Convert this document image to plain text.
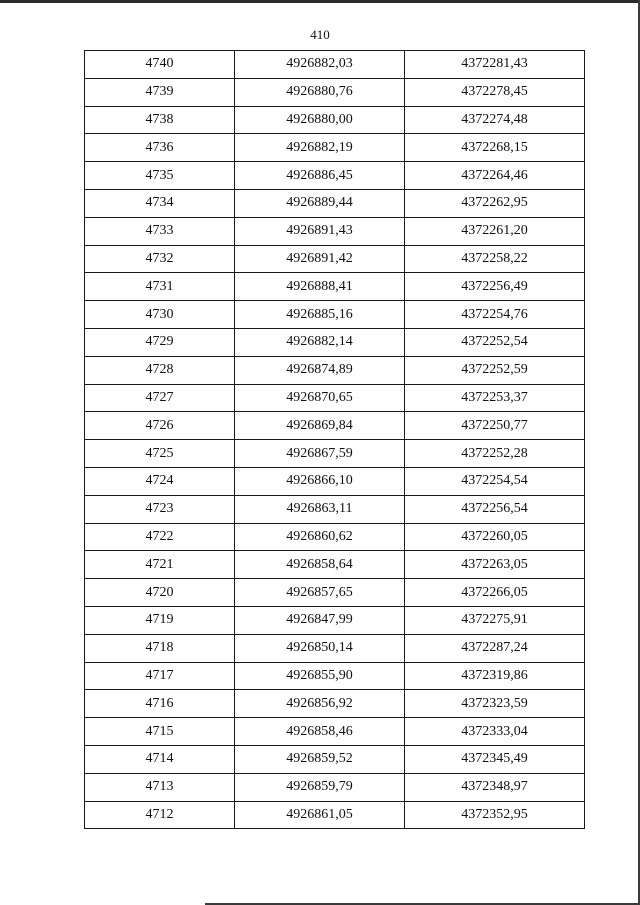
410
4740	4926882,03	4372281,43
4739	4926880,76	4372278,45
4738	4926880,00	4372274,48
4736	4926882,19	4372268,15
4735	4926886,45	4372264,46
4734	4926889,44	4372262,95
4733	4926891,43	4372261,20
4732	4926891,42	4372258,22
4731	4926888,41	4372256,49
4730	4926885,16	4372254,76
4729	4926882,14	4372252,54
4728	4926874,89	4372252,59
4727	4926870,65	4372253,37
4726	4926869,84	4372250,77
4725	4926867,59	4372252,28
4724	4926866,10	4372254,54
4723	4926863,11	4372256,54
4722	4926860,62	4372260,05
4721	4926858,64	4372263,05
4720	4926857,65	4372266,05
4719	4926847,99	4372275,91
4718	4926850,14	4372287,24
4717	4926855,90	4372319,86
4716	4926856,92	4372323,59
4715	4926858,46	4372333,04
4714	4926859,52	4372345,49
4713	4926859,79	4372348,97
4712	4926861,05	4372352,95
